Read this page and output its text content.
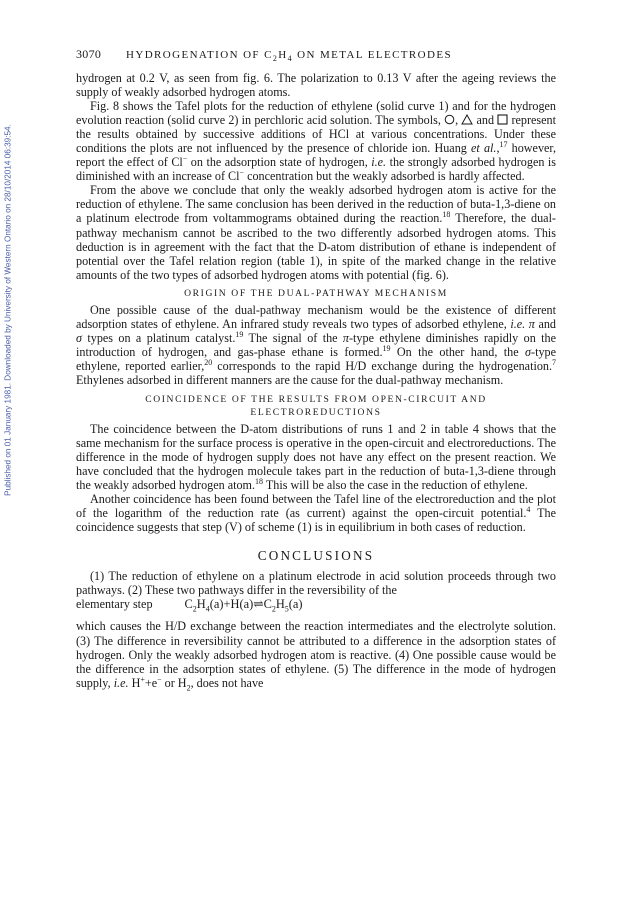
Published on 01 January 1981. Downloaded by University of Western Ontario on 28/10/2014 06:39:54.
3070	HYDROGENATION OF $C_2H_4$ ON METAL ELECTRODES

hydrogen at 0.2 V, as seen from fig. 6. The polarization to 0.13 V after the ageing reviews the supply of weakly adsorbed hydrogen atoms.

Fig. 8 shows the Tafel plots for the reduction of ethylene (solid curve 1) and for the hydrogen evolution reaction (solid curve 2) in perchloric acid solution. The symbols, ,  and represent the results obtained by successive additions of HCl at various concentrations. Under these conditions the plots are not influenced by the presence of chloride ion. Huang et al.,$^{17}$ however, report the effect of Cl− on the adsorption state of hydrogen, i.e. the strongly adsorbed hydrogen is diminished with an increase of Cl− concentration but the weakly adsorbed is hardly affected.

From the above we conclude that only the weakly adsorbed hydrogen atom is active for the reduction of ethylene. The same conclusion has been derived in the reduction of buta-1,3-diene on a platinum electrode from voltammograms obtained during the reaction.$^{18}$ Therefore, the dual-pathway mechanism cannot be ascribed to the two differently adsorbed hydrogen atoms. This deduction is in agreement with the fact that the D-atom distribution of ethane is independent of potential over the Tafel relation region (table 1), in spite of the marked change in the relative amounts of the two types of adsorbed hydrogen atoms with potential (fig. 6).

ORIGIN OF THE DUAL-PATHWAY MECHANISM

One possible cause of the dual-pathway mechanism would be the existence of different adsorption states of ethylene. An infrared study reveals two types of adsorbed ethylene, i.e. π and σ types on a platinum catalyst.$^{19}$ The signal of the π-type ethylene diminishes rapidly on the introduction of hydrogen, and gas-phase ethane is formed.$^{19}$ On the other hand, the σ-type ethylene, reported earlier,$^{20}$ corresponds to the rapid H/D exchange during the hydrogenation.$^7$ Ethylenes adsorbed in different manners are the cause for the dual-pathway mechanism.

COINCIDENCE OF THE RESULTS FROM OPEN-CIRCUIT AND
ELECTROREDUCTIONS

The coincidence between the D-atom distributions of runs 1 and 2 in table 4 shows that the same mechanism for the surface process is operative in the open-circuit and electroreductions. The difference in the mode of hydrogen supply does not have any effect on the present reaction. We have concluded that the hydrogen molecule takes part in the reduction of buta-1,3-diene through the weakly adsorbed hydrogen atom.$^{18}$ This will be also the case in the reduction of ethylene.

Another coincidence has been found between the Tafel line of the electroreduction and the plot of the logarithm of the reduction rate (as current) against the open-circuit potential.$^4$ The coincidence suggests that step (V) of scheme (1) is in equilibrium in both cases of reduction.

CONCLUSIONS

(1) The reduction of ethylene on a platinum electrode in acid solution proceeds through two pathways. (2) These two pathways differ in the reversibility of the

elementary step	$C_2H_4(a)+H(a)\rightleftharpoons C_2H_5(a)$

which causes the H/D exchange between the reaction intermediates and the electrolyte solution. (3) The difference in reversibility cannot be attributed to a difference in the adsorption states of hydrogen. Only the weakly adsorbed hydrogen atom is reactive. (4) One possible cause would be the difference in the adsorption states of ethylene. (5) The difference in the mode of hydrogen supply, i.e. H++e− or $H_2$, does not have
